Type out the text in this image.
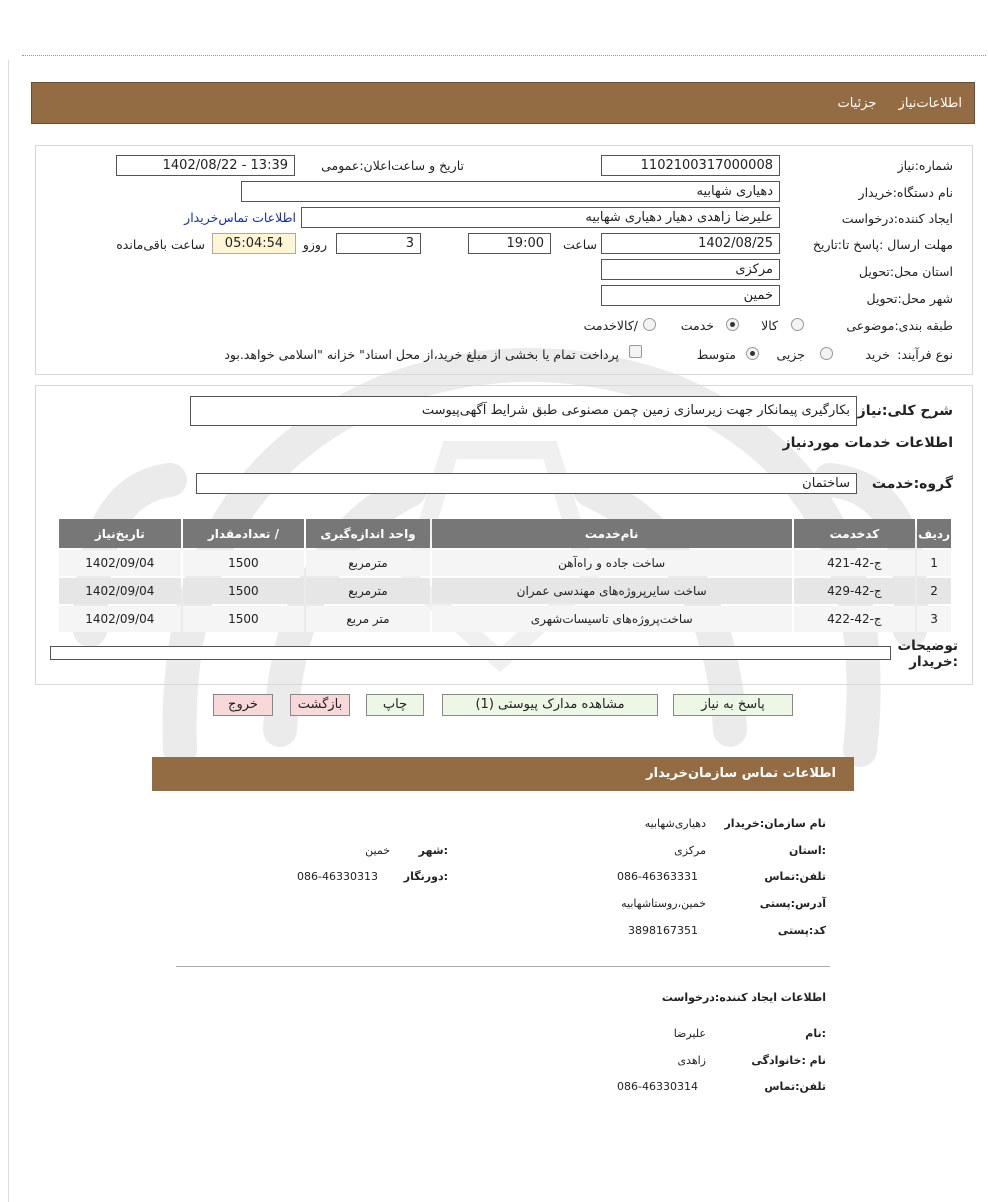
اطلاعات‌نیاز جزئیات
شماره:نیاز
1102100317000008
تاریخ و ساعت‌اعلان:عمومی
1402/08/22 - 13:39
نام دستگاه:خریدار
دهیاری شهابیه
ایجاد کننده:درخواست
علیرضا زاهدی دهیار دهیاری شهابیه
اطلاعات تماس‌خریدار
مهلت ارسال :پاسخ تا:تاریخ
1402/08/25
ساعت
19:00
3
روزو
05:04:54
ساعت باقی‌مانده
استان محل:تحویل
مرکزی
شهر محل:تحویل
خمین
طبقه بندی:موضوعی
کالا
خدمت
/کالاخدمت
نوع فرآیند:
خرید
جزیی
متوسط
پرداخت تمام یا بخشی از مبلغ خرید،از محل اسناد" خزانه "اسلامی خواهد.بود
شرح کلی:نیاز
بکارگیری پیمانکار جهت زیرسازی زمین چمن مصنوعی طبق شرایط آگهی‌پیوست
اطلاعات خدمات موردنیاز
گروه:خدمت
ساختمان
ردیف	کدخدمت	نام‌خدمت	واحد اندازه‌گیری	/ تعدادمقدار	تاریخ‌نیاز
1	ج-42-421	ساخت جاده و راه‌آهن	مترمربع	1500	1402/09/04
2	ج-42-429	ساخت سایرپروژه‌های مهندسی عمران	مترمربع	1500	1402/09/04
3	ج-42-422	ساخت‌پروژه‌های تاسیسات‌شهری	متر مربع	1500	1402/09/04
توضیحات :خریدار
پاسخ به نیاز
مشاهده مدارک پیوستی (1)
چاپ
بازگشت
خروج
اطلاعات تماس سازمان‌خریدار
نام سازمان:خریدار
دهیاری‌شهابیه
:استان
مرکزی
:شهر
خمین
تلفن:تماس
086-46363331
:دورنگار
086-46330313
آدرس:پستی
خمین،روستاشهابیه
کد:پستی
3898167351
اطلاعات ایجاد کننده:درخواست
:نام
علیرضا
نام :خانوادگی
زاهدی
تلفن:تماس
086-46330314
